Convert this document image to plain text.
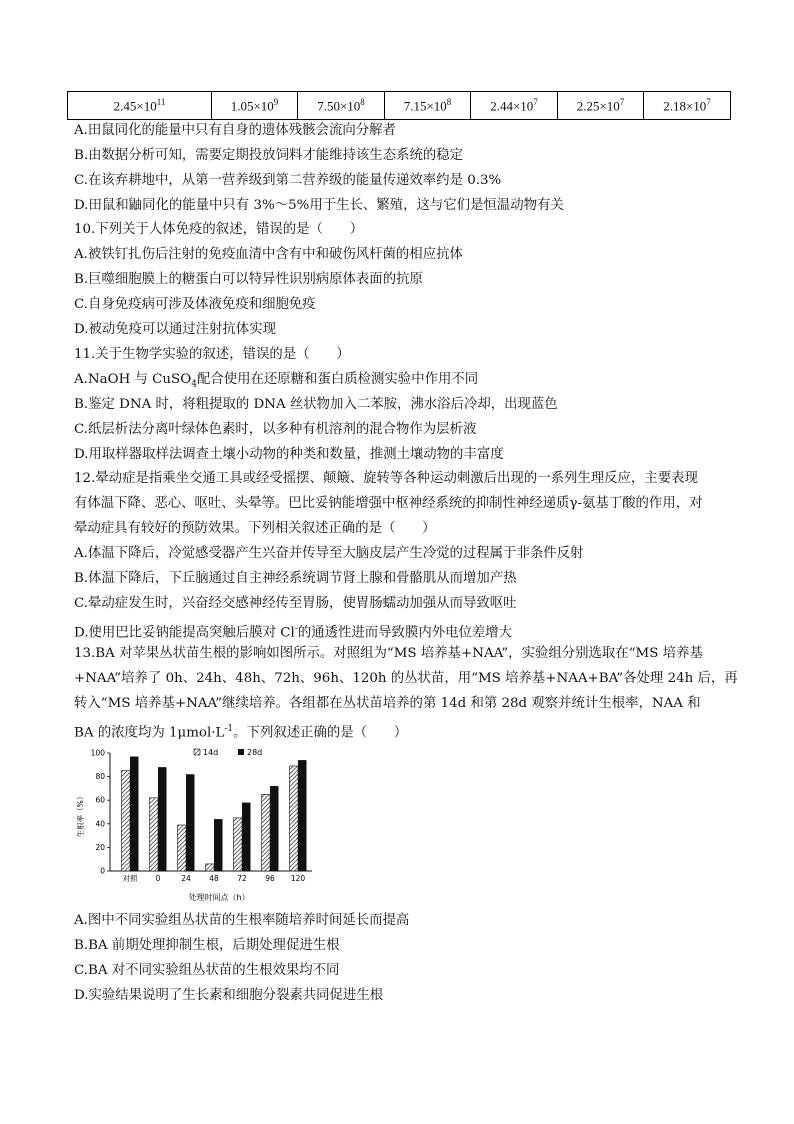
$2.45\times 10^{11}$	$1.05\times 10^9$	$7.50\times 10^8$	$7.15\times 10^8$	$2.44\times 10^7$	$2.25\times 10^7$	$2.18\times 10^7$
A.田鼠同化的能量中只有自身的遗体残骸会流向分解者
B.由数据分析可知，需要定期投放饲料才能维持该生态系统的稳定
C.在该弃耕地中，从第一营养级到第二营养级的能量传递效率约是 0.3%
D.田鼠和鼬同化的能量中只有 3%～5%用于生长、繁殖，这与它们是恒温动物有关
10.下列关于人体免疫的叙述，错误的是（　　）
A.被铁钉扎伤后注射的免疫血清中含有中和破伤风杆菌的相应抗体
B.巨噬细胞膜上的糖蛋白可以特异性识别病原体表面的抗原
C.自身免疫病可涉及体液免疫和细胞免疫
D.被动免疫可以通过注射抗体实现
11.关于生物学实验的叙述，错误的是（　　）
A.NaOH 与 CuSO$_4$配合使用在还原糖和蛋白质检测实验中作用不同
B.鉴定 DNA 时，将粗提取的 DNA 丝状物加入二苯胺，沸水浴后冷却，出现蓝色
C.纸层析法分离叶绿体色素时，以多种有机溶剂的混合物作为层析液
D.用取样器取样法调查土壤小动物的种类和数量，推测土壤动物的丰富度
12.晕动症是指乘坐交通工具或经受摇摆、颠簸、旋转等各种运动刺激后出现的一系列生理反应，主要表现
有体温下降、恶心、呕吐、头晕等。巴比妥钠能增强中枢神经系统的抑制性神经递质γ-氨基丁酸的作用，对
晕动症具有较好的预防效果。下列相关叙述正确的是（　　）
A.体温下降后，冷觉感受器产生兴奋并传导至大脑皮层产生冷觉的过程属于非条件反射
B.体温下降后，下丘脑通过自主神经系统调节肾上腺和骨骼肌从而增加产热
C.晕动症发生时，兴奋经交感神经传至胃肠，使胃肠蠕动加强从而导致呕吐
D.使用巴比妥钠能提高突触后膜对 Cl-的通透性进而导致膜内外电位差增大
13.BA 对苹果丛状苗生根的影响如图所示。对照组为“MS 培养基+NAA”，实验组分别选取在“MS 培养基
+NAA”培养了 0h、24h、48h、72h、96h、120h 的丛状苗，用“MS 培养基+NAA+BA”各处理 24h 后，再
转入“MS 培养基+NAA”继续培养。各组都在丛状苗培养的第 14d 和第 28d 观察并统计生根率，NAA 和
BA 的浓度均为 $1\mu mol\cdot L^{-1}$。下列叙述正确的是（　　）
0
20
40
60
80
100
对照 0	24 48 72 96 120
14d	28d
生根率（%）
处理时间点（h）
A.图中不同实验组丛状苗的生根率随培养时间延长而提高
B.BA 前期处理抑制生根，后期处理促进生根
C.BA 对不同实验组丛状苗的生根效果均不同
D.实验结果说明了生长素和细胞分裂素共同促进生根
